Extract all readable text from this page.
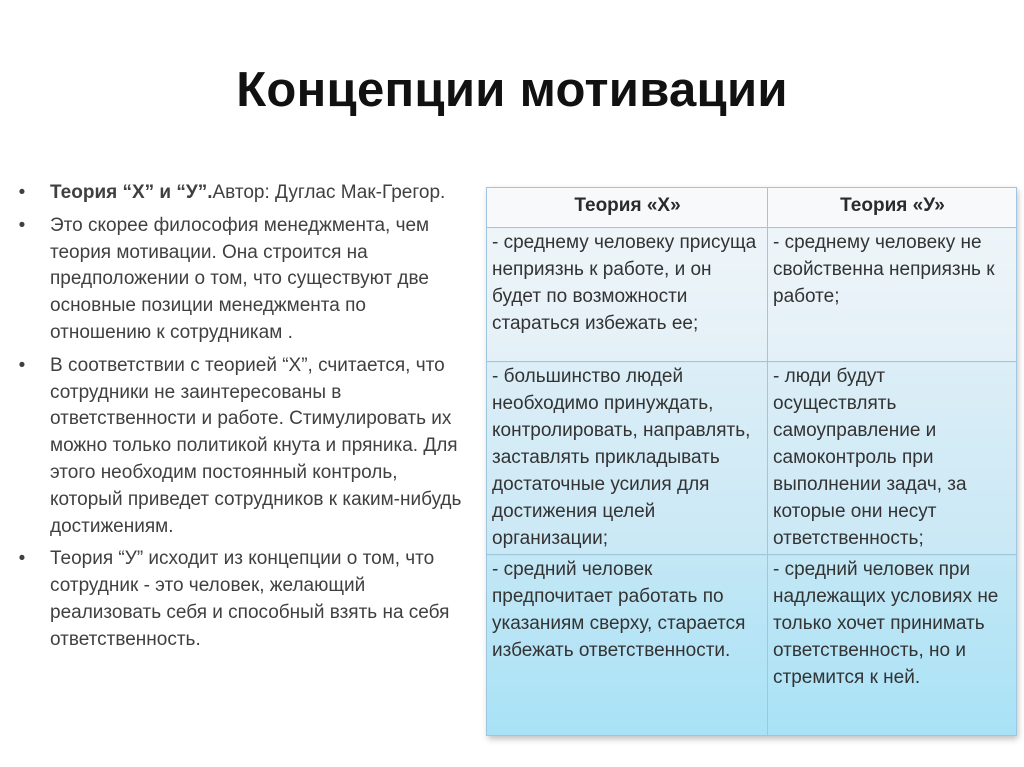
Концепции мотивации
•	Теория “Х” и “У”.Автор: Дуглас Мак-Грегор.
•	Это скорее философия менеджмента, чем теория мотивации. Она строится на предположении о том, что существуют две основные позиции менеджмента по отношению к сотрудникам .
•	В соответствии с теорией “Х”, считается, что сотрудники не заинтересованы в ответственности и работе. Стимулировать их можно только политикой кнута и пряника. Для этого необходим постоянный контроль, который приведет сотрудников к каким-нибудь достижениям.
•	Теория “У” исходит из концепции о том, что сотрудник - это человек, желающий реализовать себя и способный взять на себя ответственность.
Теория «Х»	Теория «У»
- среднему человеку присуща неприязнь к работе, и он будет по возможности стараться избежать ее;	- среднему человеку не свойственна неприязнь к работе;
- большинство людей необходимо принуждать, контролировать, направлять, заставлять прикладывать достаточные усилия для достижения целей организации;	- люди будут осуществлять самоуправление и самоконтроль при выполнении задач, за которые они несут ответственность;
- средний человек предпочитает работать по указаниям сверху, старается избежать ответственности.	- средний человек при надлежащих условиях не только хочет принимать ответственность, но и стремится к ней.
